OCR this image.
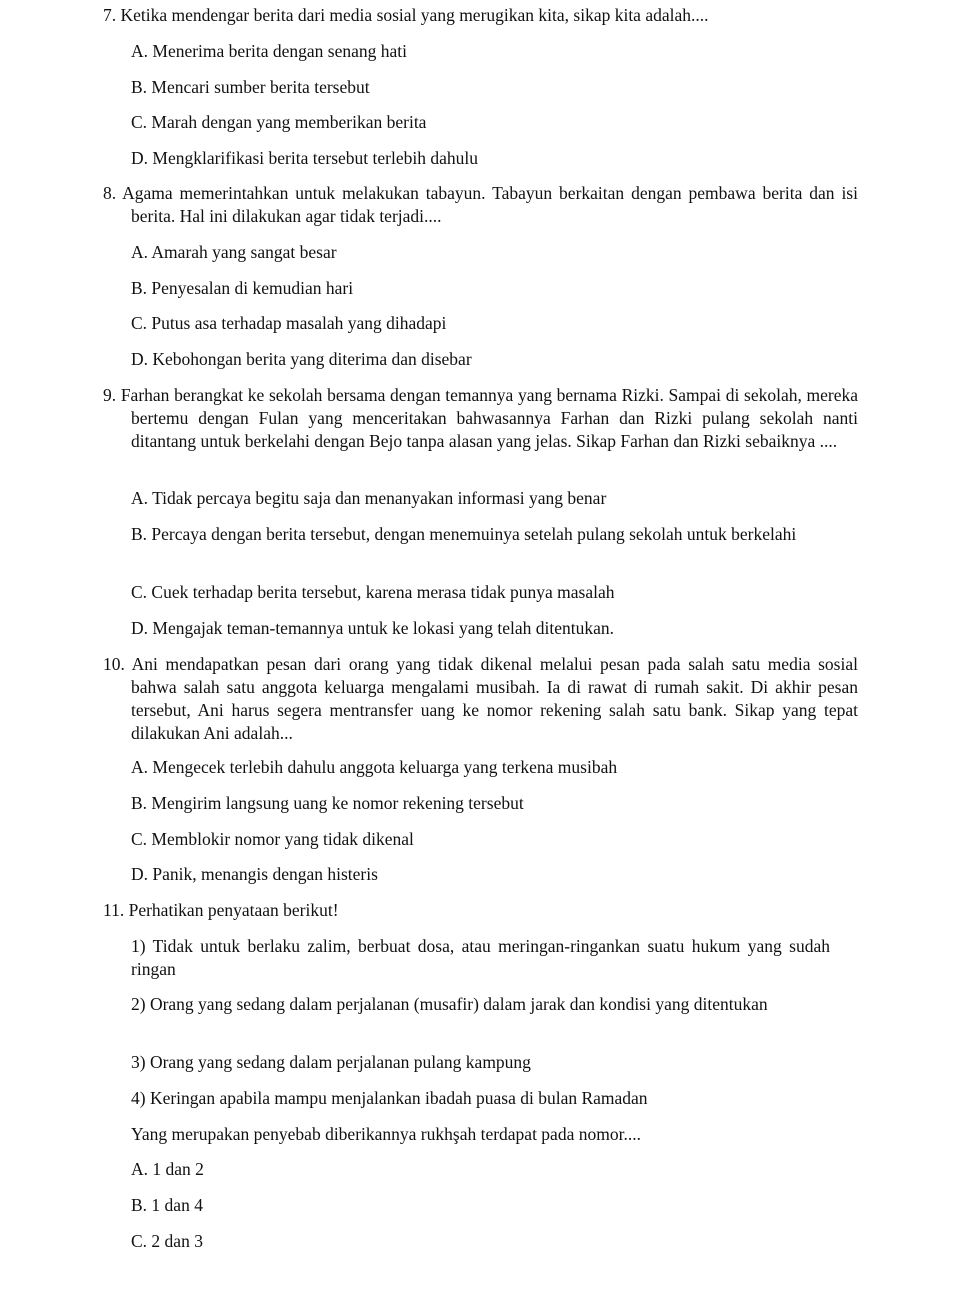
7. Ketika mendengar berita dari media sosial yang merugikan kita, sikap kita adalah....

A. Menerima berita dengan senang hati

B. Mencari sumber berita tersebut

C. Marah dengan yang memberikan berita

D. Mengklarifikasi berita tersebut terlebih dahulu

8. Agama memerintahkan untuk melakukan tabayun. Tabayun berkaitan dengan pembawa berita dan isi berita. Hal ini dilakukan agar tidak terjadi....

A. Amarah yang sangat besar

B. Penyesalan di kemudian hari

C. Putus asa terhadap masalah yang dihadapi

D. Kebohongan berita yang diterima dan disebar

9. Farhan berangkat ke sekolah bersama dengan temannya yang bernama Rizki. Sampai di sekolah, mereka bertemu dengan Fulan yang menceritakan bahwasannya Farhan dan Rizki pulang sekolah nanti ditantang untuk berkelahi dengan Bejo tanpa alasan yang jelas. Sikap Farhan dan Rizki sebaiknya ....

A. Tidak percaya begitu saja dan menanyakan informasi yang benar

B. Percaya dengan berita tersebut, dengan menemuinya setelah pulang sekolah untuk berkelahi

C. Cuek terhadap berita tersebut, karena merasa tidak punya masalah

D. Mengajak teman-temannya untuk ke lokasi yang telah ditentukan.

10. Ani mendapatkan pesan dari orang yang tidak dikenal melalui pesan pada salah satu media sosial bahwa salah satu anggota keluarga mengalami musibah. Ia di rawat di rumah sakit. Di akhir pesan tersebut, Ani harus segera mentransfer uang ke nomor rekening salah satu bank. Sikap yang tepat dilakukan Ani adalah...

A. Mengecek terlebih dahulu anggota keluarga yang terkena musibah

B. Mengirim langsung uang ke nomor rekening tersebut

C. Memblokir nomor yang tidak dikenal

D. Panik, menangis dengan histeris

11. Perhatikan penyataan berikut!

1) Tidak untuk berlaku zalim, berbuat dosa, atau meringan-ringankan suatu hukum yang sudah ringan

2) Orang yang sedang dalam perjalanan (musafir) dalam jarak dan kondisi yang ditentukan

3) Orang yang sedang dalam perjalanan pulang kampung

4) Keringan apabila mampu menjalankan ibadah puasa di bulan Ramadan

Yang merupakan penyebab diberikannya rukhşah terdapat pada nomor....

A. 1 dan 2

B. 1 dan 4

C. 2 dan 3
